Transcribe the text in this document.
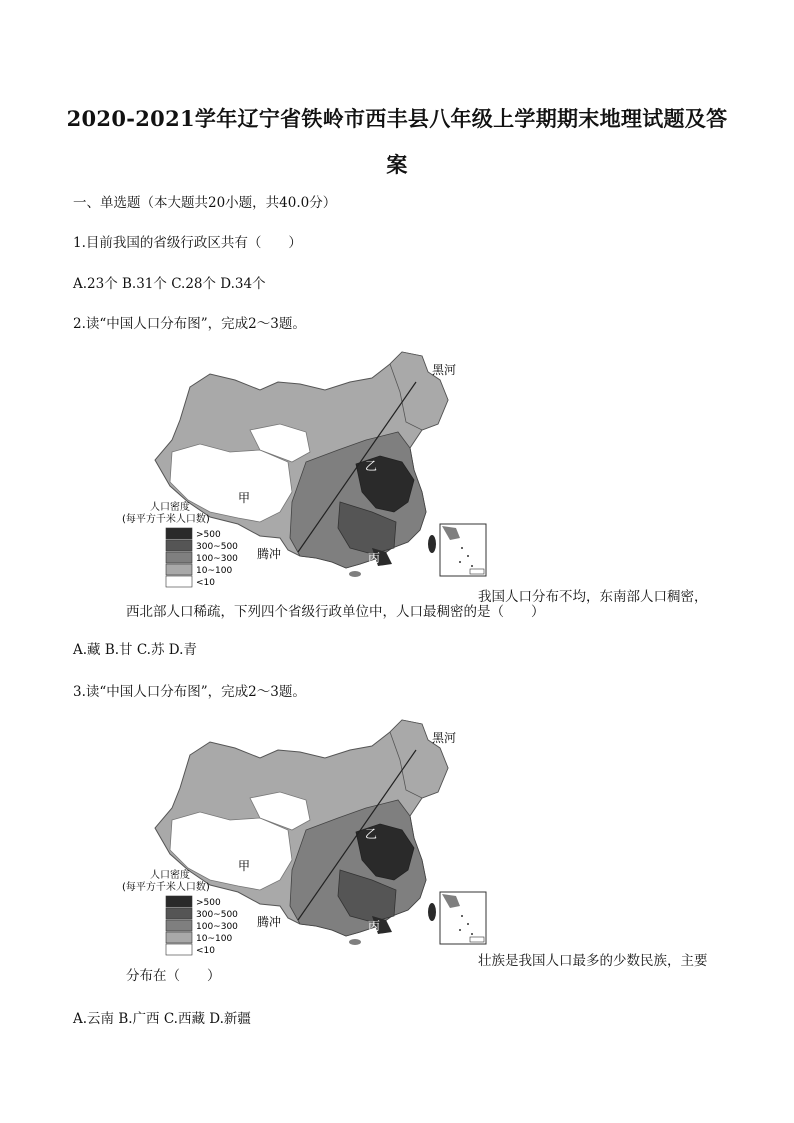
2020-2021学年辽宁省铁岭市西丰县八年级上学期期末地理试题及答
案
一、单选题（本大题共20小题，共40.0分）
1.目前我国的省级行政区共有（　　）
A.23个 B.31个 C.28个 D.34个
2.读“中国人口分布图”，完成2～3题。
黑河
腾冲
甲
乙
丙
人口密度
(每平方千米人口数)
>500
300~500
100~300
10~100
<10
我国人口分布不均，东南部人口稠密，
西北部人口稀疏，下列四个省级行政单位中，人口最稠密的是（　　）
A.藏 B.甘 C.苏 D.青
3.读“中国人口分布图”，完成2～3题。
黑河
腾冲
甲
乙
丙
人口密度
(每平方千米人口数)
>500
300~500
100~300
10~100
<10
壮族是我国人口最多的少数民族，主要
分布在（　　）
A.云南 B.广西 C.西藏 D.新疆
